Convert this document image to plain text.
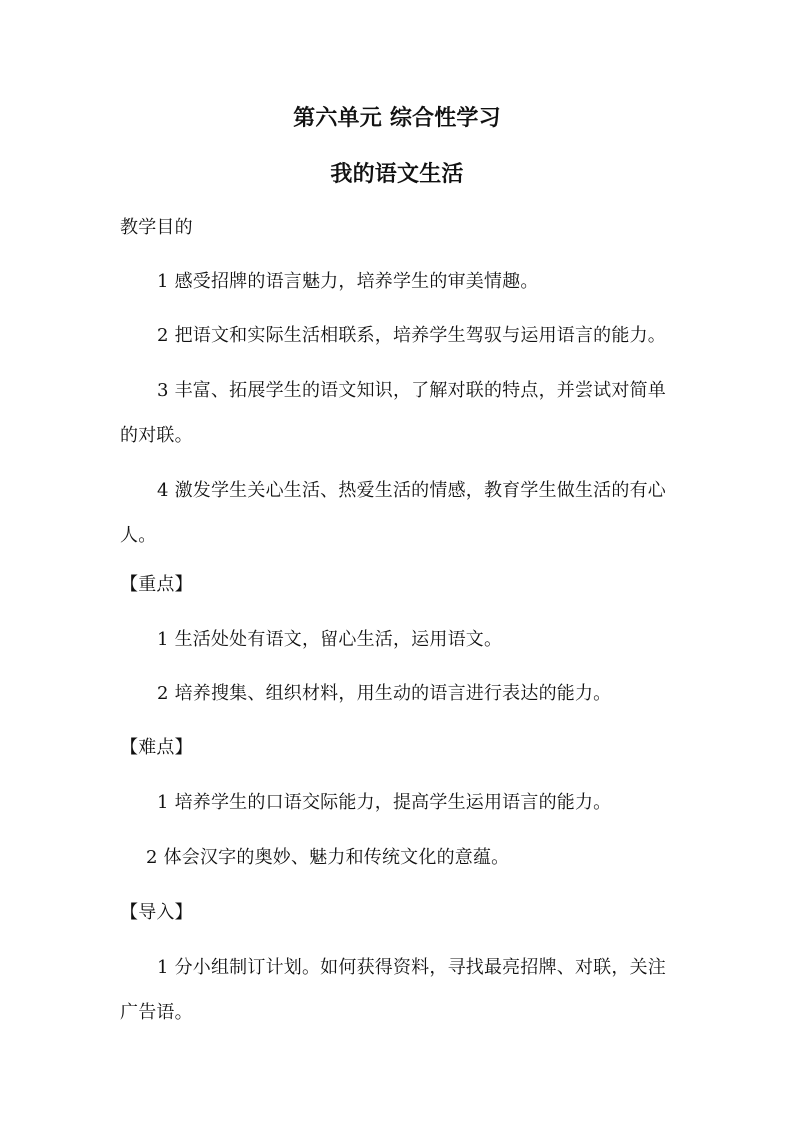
第六单元 综合性学习
我的语文生活
教学目的
1 感受招牌的语言魅力，培养学生的审美情趣。
2 把语文和实际生活相联系，培养学生驾驭与运用语言的能力。
3 丰富、拓展学生的语文知识，了解对联的特点，并尝试对简单
的对联。
4 激发学生关心生活、热爱生活的情感，教育学生做生活的有心
人。
【重点】
1 生活处处有语文，留心生活，运用语文。
2 培养搜集、组织材料，用生动的语言进行表达的能力。
【难点】
1 培养学生的口语交际能力，提高学生运用语言的能力。
2 体会汉字的奥妙、魅力和传统文化的意蕴。
【导入】
1 分小组制订计划。如何获得资料，寻找最亮招牌、对联，关注
广告语。
